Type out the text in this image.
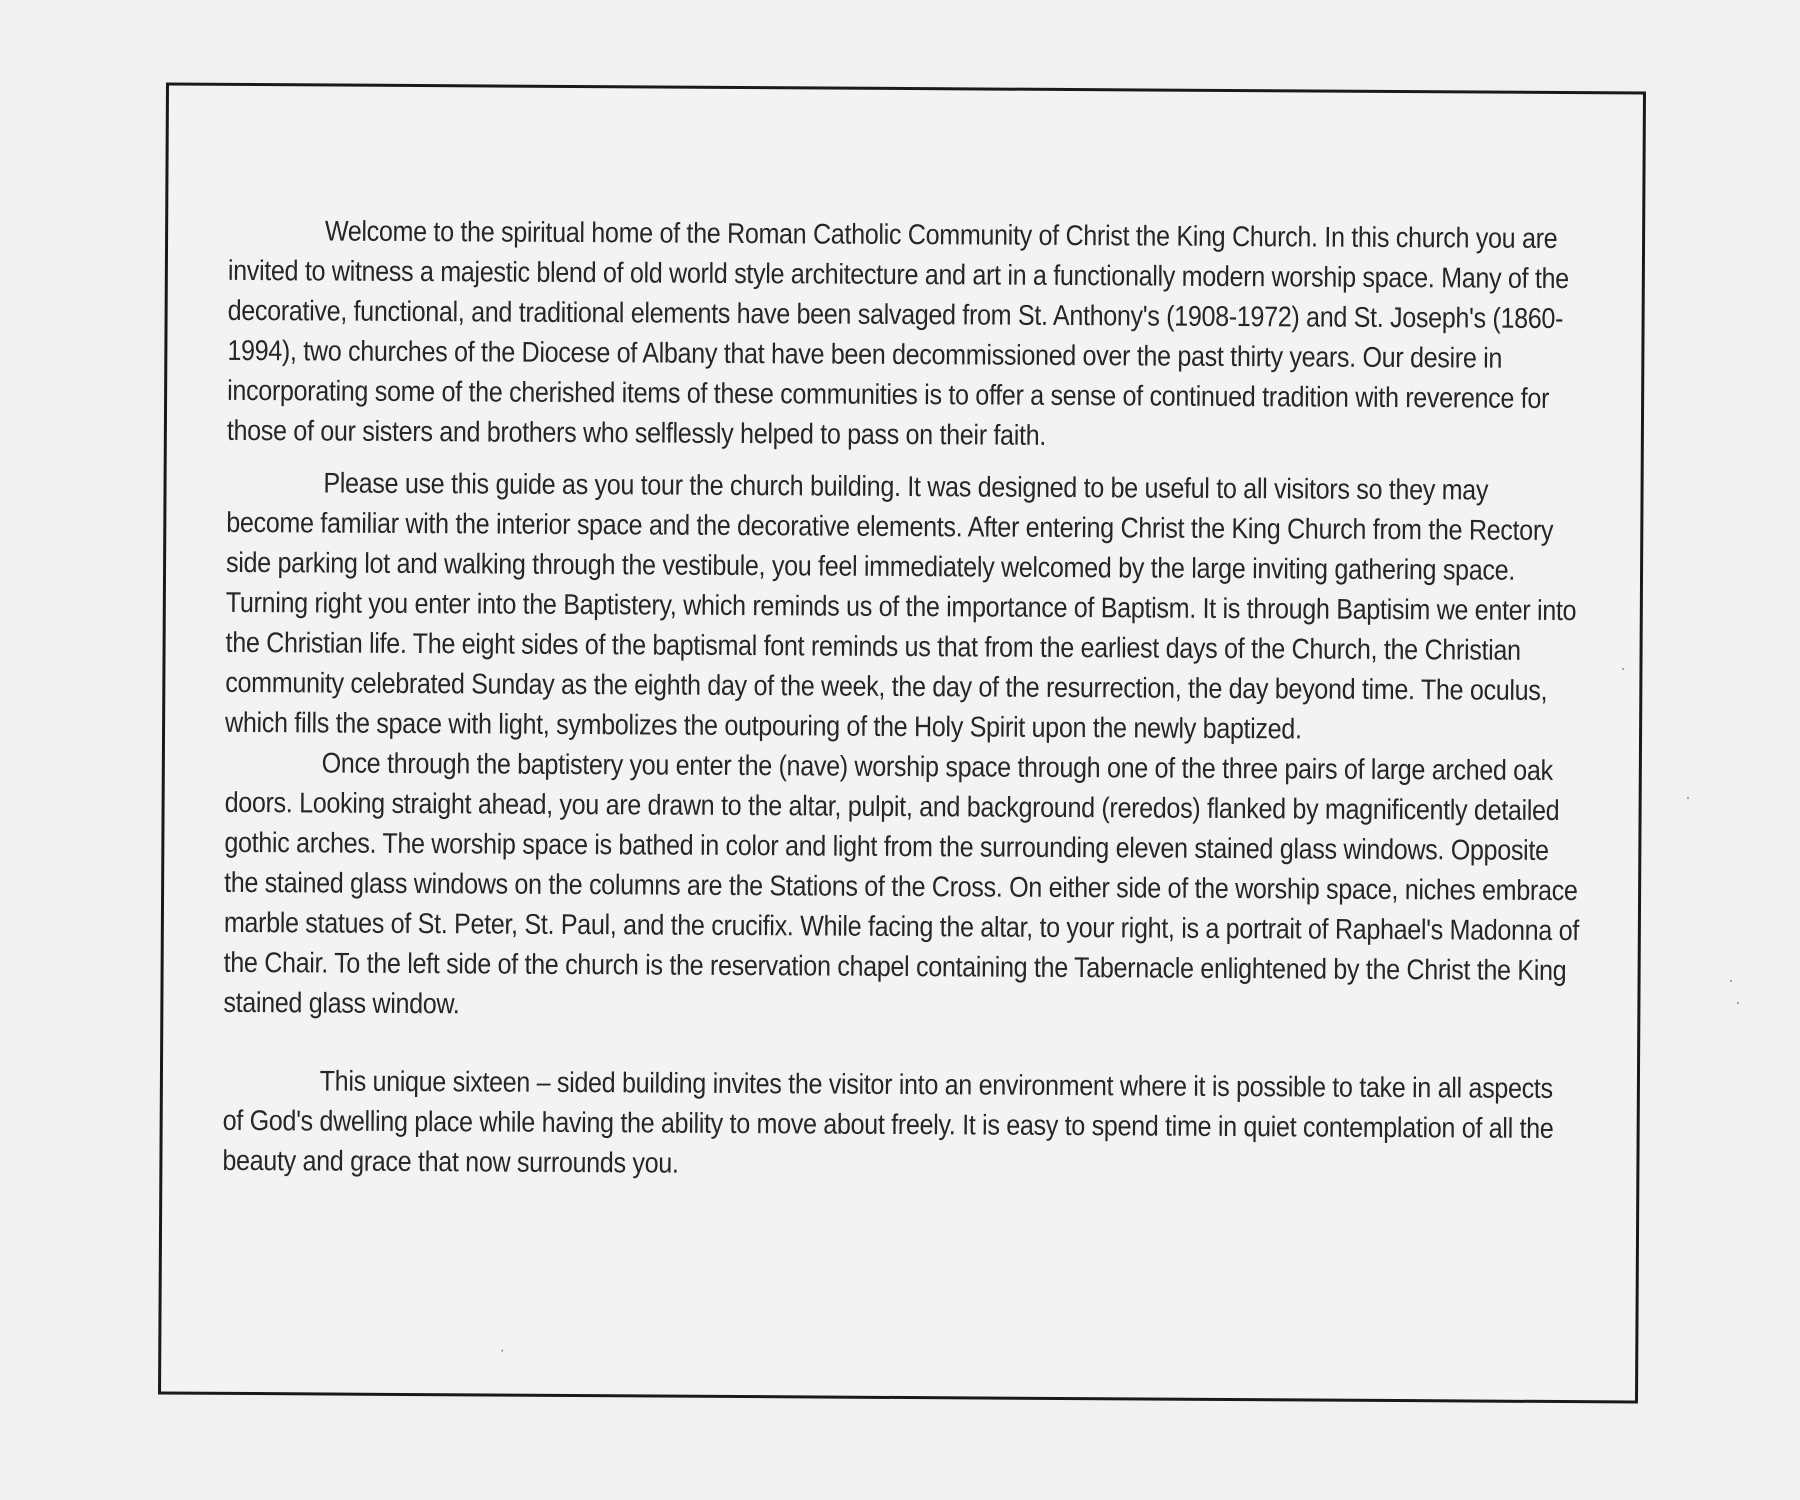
Welcome to the spiritual home of the Roman Catholic Community of Christ the King Church. In this church you are invited to witness a majestic blend of old world style architecture and art in a functionally modern worship space. Many of the decorative, functional, and traditional elements have been salvaged from St. Anthony's (1908-1972) and St. Joseph's (1860-1994), two churches of the Diocese of Albany that have been decommissioned over the past thirty years. Our desire in incorporating some of the cherished items of these communities is to offer a sense of continued tradition with reverence for those of our sisters and brothers who selflessly helped to pass on their faith.

Please use this guide as you tour the church building. It was designed to be useful to all visitors so they may become familiar with the interior space and the decorative elements. After entering Christ the King Church from the Rectory side parking lot and walking through the vestibule, you feel immediately welcomed by the large inviting gathering space. Turning right you enter into the Baptistery, which reminds us of the importance of Baptism. It is through Baptisim we enter into the Christian life. The eight sides of the baptismal font reminds us that from the earliest days of the Church, the Christian community celebrated Sunday as the eighth day of the week, the day of the resurrection, the day beyond time. The oculus, which fills the space with light, symbolizes the outpouring of the Holy Spirit upon the newly baptized.

Once through the baptistery you enter the (nave) worship space through one of the three pairs of large arched oak doors. Looking straight ahead, you are drawn to the altar, pulpit, and background (reredos) flanked by magnificently detailed gothic arches. The worship space is bathed in color and light from the surrounding eleven stained glass windows. Opposite the stained glass windows on the columns are the Stations of the Cross. On either side of the worship space, niches embrace marble statues of St. Peter, St. Paul, and the crucifix. While facing the altar, to your right, is a portrait of Raphael's Madonna of the Chair. To the left side of the church is the reservation chapel containing the Tabernacle enlightened by the Christ the King stained glass window.

This unique sixteen – sided building invites the visitor into an environment where it is possible to take in all aspects of God's dwelling place while having the ability to move about freely. It is easy to spend time in quiet contemplation of all the beauty and grace that now surrounds you.
